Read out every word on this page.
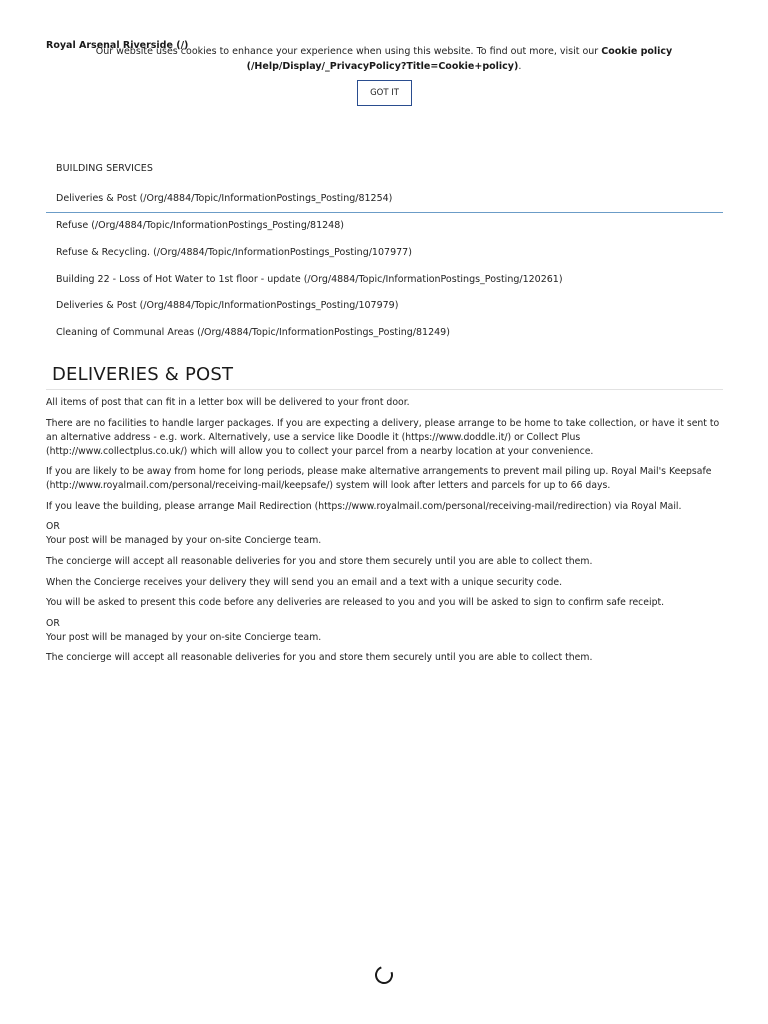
Royal Arsenal Riverside (/)
Our website uses cookies to enhance your experience when using this website. To find out more, visit our Cookie policy (/Help/Display/_PrivacyPolicy?Title=Cookie+policy).
GOT IT
BUILDING SERVICES
Deliveries & Post (/Org/4884/Topic/InformationPostings_Posting/81254)
Refuse (/Org/4884/Topic/InformationPostings_Posting/81248)
Refuse & Recycling. (/Org/4884/Topic/InformationPostings_Posting/107977)
Building 22 - Loss of Hot Water to 1st floor - update (/Org/4884/Topic/InformationPostings_Posting/120261)
Deliveries & Post (/Org/4884/Topic/InformationPostings_Posting/107979)
Cleaning of Communal Areas (/Org/4884/Topic/InformationPostings_Posting/81249)
DELIVERIES & POST

All items of post that can fit in a letter box will be delivered to your front door.

There are no facilities to handle larger packages. If you are expecting a delivery, please arrange to be home to take collection, or have it sent to an alternative address - e.g. work. Alternatively, use a service like Doodle it (https://www.doddle.it/) or Collect Plus (http://www.collectplus.co.uk/) which will allow you to collect your parcel from a nearby location at your convenience.

If you are likely to be away from home for long periods, please make alternative arrangements to prevent mail piling up. Royal Mail's Keepsafe (http://www.royalmail.com/personal/receiving-mail/keepsafe/) system will look after letters and parcels for up to 66 days.

If you leave the building, please arrange Mail Redirection (https://www.royalmail.com/personal/receiving-mail/redirection) via Royal Mail.

OR

Your post will be managed by your on-site Concierge team.

The concierge will accept all reasonable deliveries for you and store them securely until you are able to collect them.

When the Concierge receives your delivery they will send you an email and a text with a unique security code.

You will be asked to present this code before any deliveries are released to you and you will be asked to sign to confirm safe receipt.

OR

Your post will be managed by your on-site Concierge team.

The concierge will accept all reasonable deliveries for you and store them securely until you are able to collect them.
